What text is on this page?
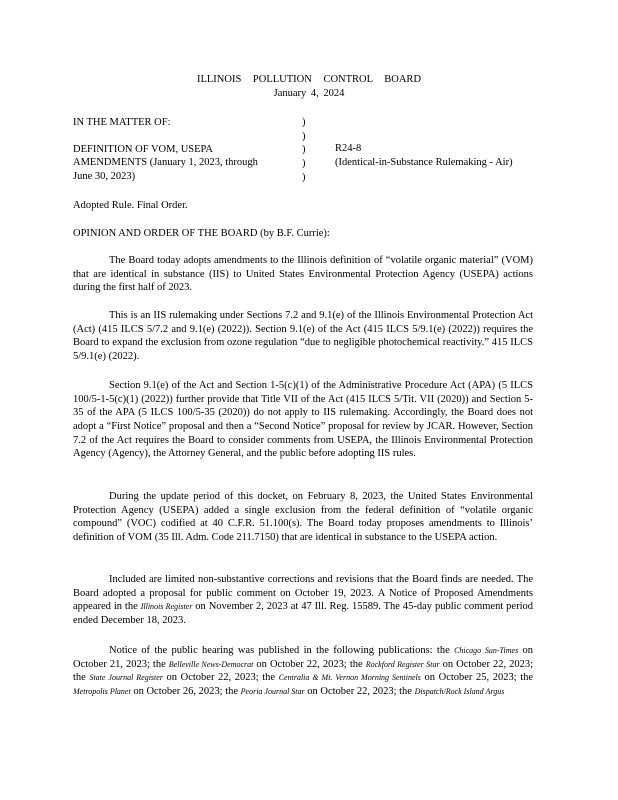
ILLINOIS POLLUTION CONTROL BOARD
January 4, 2024
IN THE MATTER OF:
DEFINITION OF VOM, USEPA
AMENDMENTS (January 1, 2023, through
June 30, 2023)
)
)
)
)
)
R24-8
(Identical-in-Substance Rulemaking - Air)
Adopted Rule. Final Order.
OPINION AND ORDER OF THE BOARD (by B.F. Currie):
The Board today adopts amendments to the Illinois definition of “volatile organic material” (VOM) that are identical in substance (IIS) to United States Environmental Protection Agency (USEPA) actions during the first half of 2023.
This is an IIS rulemaking under Sections 7.2 and 9.1(e) of the Illinois Environmental Protection Act (Act) (415 ILCS 5/7.2 and 9.1(e) (2022)). Section 9.1(e) of the Act (415 ILCS 5/9.1(e) (2022)) requires the Board to expand the exclusion from ozone regulation “due to negligible photochemical reactivity.” 415 ILCS 5/9.1(e) (2022).
Section 9.1(e) of the Act and Section 1-5(c)(1) of the Administrative Procedure Act (APA) (5 ILCS 100/5-1-5(c)(1) (2022)) further provide that Title VII of the Act (415 ILCS 5/Tit. VII (2020)) and Section 5-35 of the APA (5 ILCS 100/5-35 (2020)) do not apply to IIS rulemaking. Accordingly, the Board does not adopt a “First Notice” proposal and then a “Second Notice” proposal for review by JCAR. However, Section 7.2 of the Act requires the Board to consider comments from USEPA, the Illinois Environmental Protection Agency (Agency), the Attorney General, and the public before adopting IIS rules.
During the update period of this docket, on February 8, 2023, the United States Environmental Protection Agency (USEPA) added a single exclusion from the federal definition of “volatile organic compound” (VOC) codified at 40 C.F.R. 51.100(s). The Board today proposes amendments to Illinois’ definition of VOM (35 Ill. Adm. Code 211.7150) that are identical in substance to the USEPA action.
Included are limited non-substantive corrections and revisions that the Board finds are needed. The Board adopted a proposal for public comment on October 19, 2023. A Notice of Proposed Amendments appeared in the Illinois Register on November 2, 2023 at 47 Ill. Reg. 15589. The 45-day public comment period ended December 18, 2023.
Notice of the public hearing was published in the following publications: the Chicago Sun-Times on October 21, 2023; the Belleville News-Democrat on October 22, 2023; the Rockford Register Star on October 22, 2023; the State Journal Register on October 22, 2023; the Centralia & Mt. Vernon Morning Sentinels on October 25, 2023; the Metropolis Planet on October 26, 2023; the Peoria Journal Star on October 22, 2023; the Dispatch/Rock Island Argus
